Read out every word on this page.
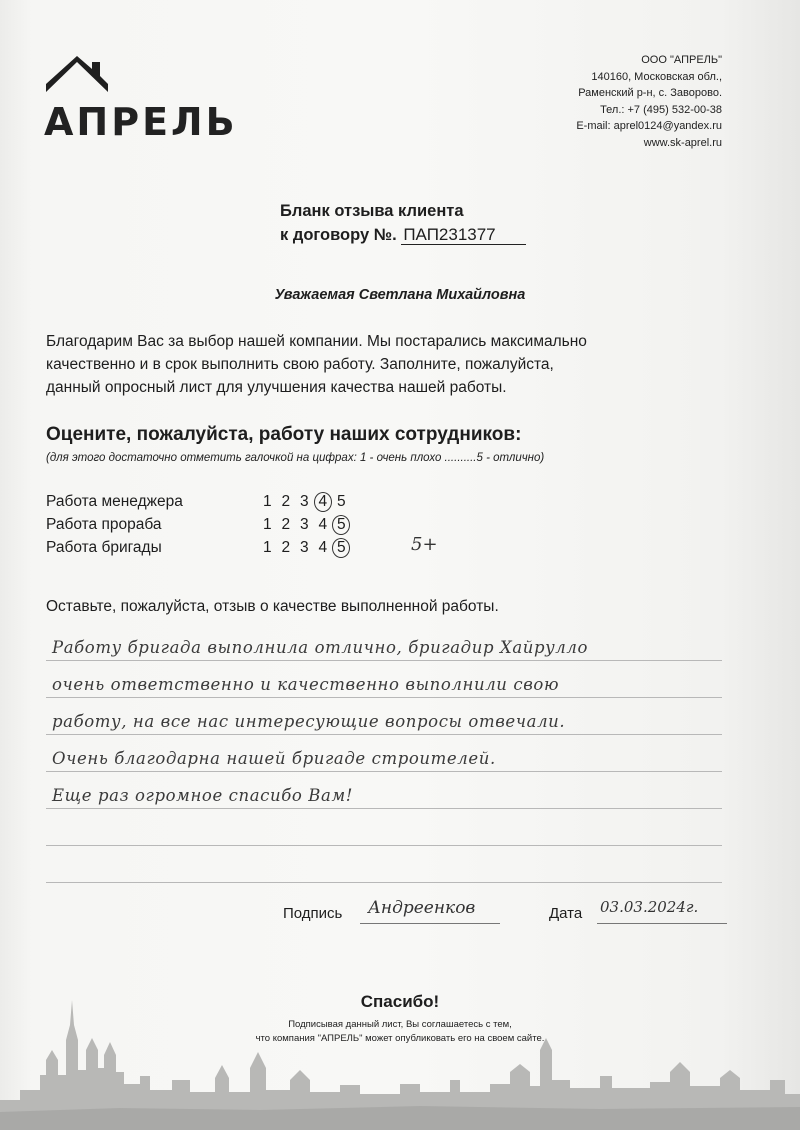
АПРЕЛЬ
ООО "АПРЕЛЬ"
140160, Московская обл.,
Раменский р-н, с. Заворово.
Тел.: +7 (495) 532-00-38
E-mail: aprel0124@yandex.ru
www.sk-aprel.ru
Бланк отзыва клиента
к договору №. ПАП231377
Уважаемая Светлана Михайловна
Благодарим Вас за выбор нашей компании. Мы постарались максимально
качественно и в срок выполнить свою работу. Заполните, пожалуйста,
данный опросный лист для улучшения качества нашей работы.
Оцените, пожалуйста, работу наших сотрудников:
(для этого достаточно отметить галочкой на цифрах: 1 - очень плохо ..........5 - отлично)
Работа менеджера	1 2 3 4 5
Работа прораба	1 2 3 4 5
Работа бригады	1 2 3 4 5	5+
Оставьте, пожалуйста, отзыв о качестве выполненной работы.
Работу бригада выполнила отлично, бригадир Хайрулло
очень ответственно и качественно выполнили свою
работу, на все нас интересующие вопросы отвечали.
Очень благодарна нашей бригаде строителей.
Еще раз огромное спасибо Вам!
Подпись Андреенков	Дата 03.03.2024г.
Спасибо!
Подписывая данный лист, Вы соглашаетесь с тем,
что компания "АПРЕЛЬ" может опубликовать его на своем сайте.
